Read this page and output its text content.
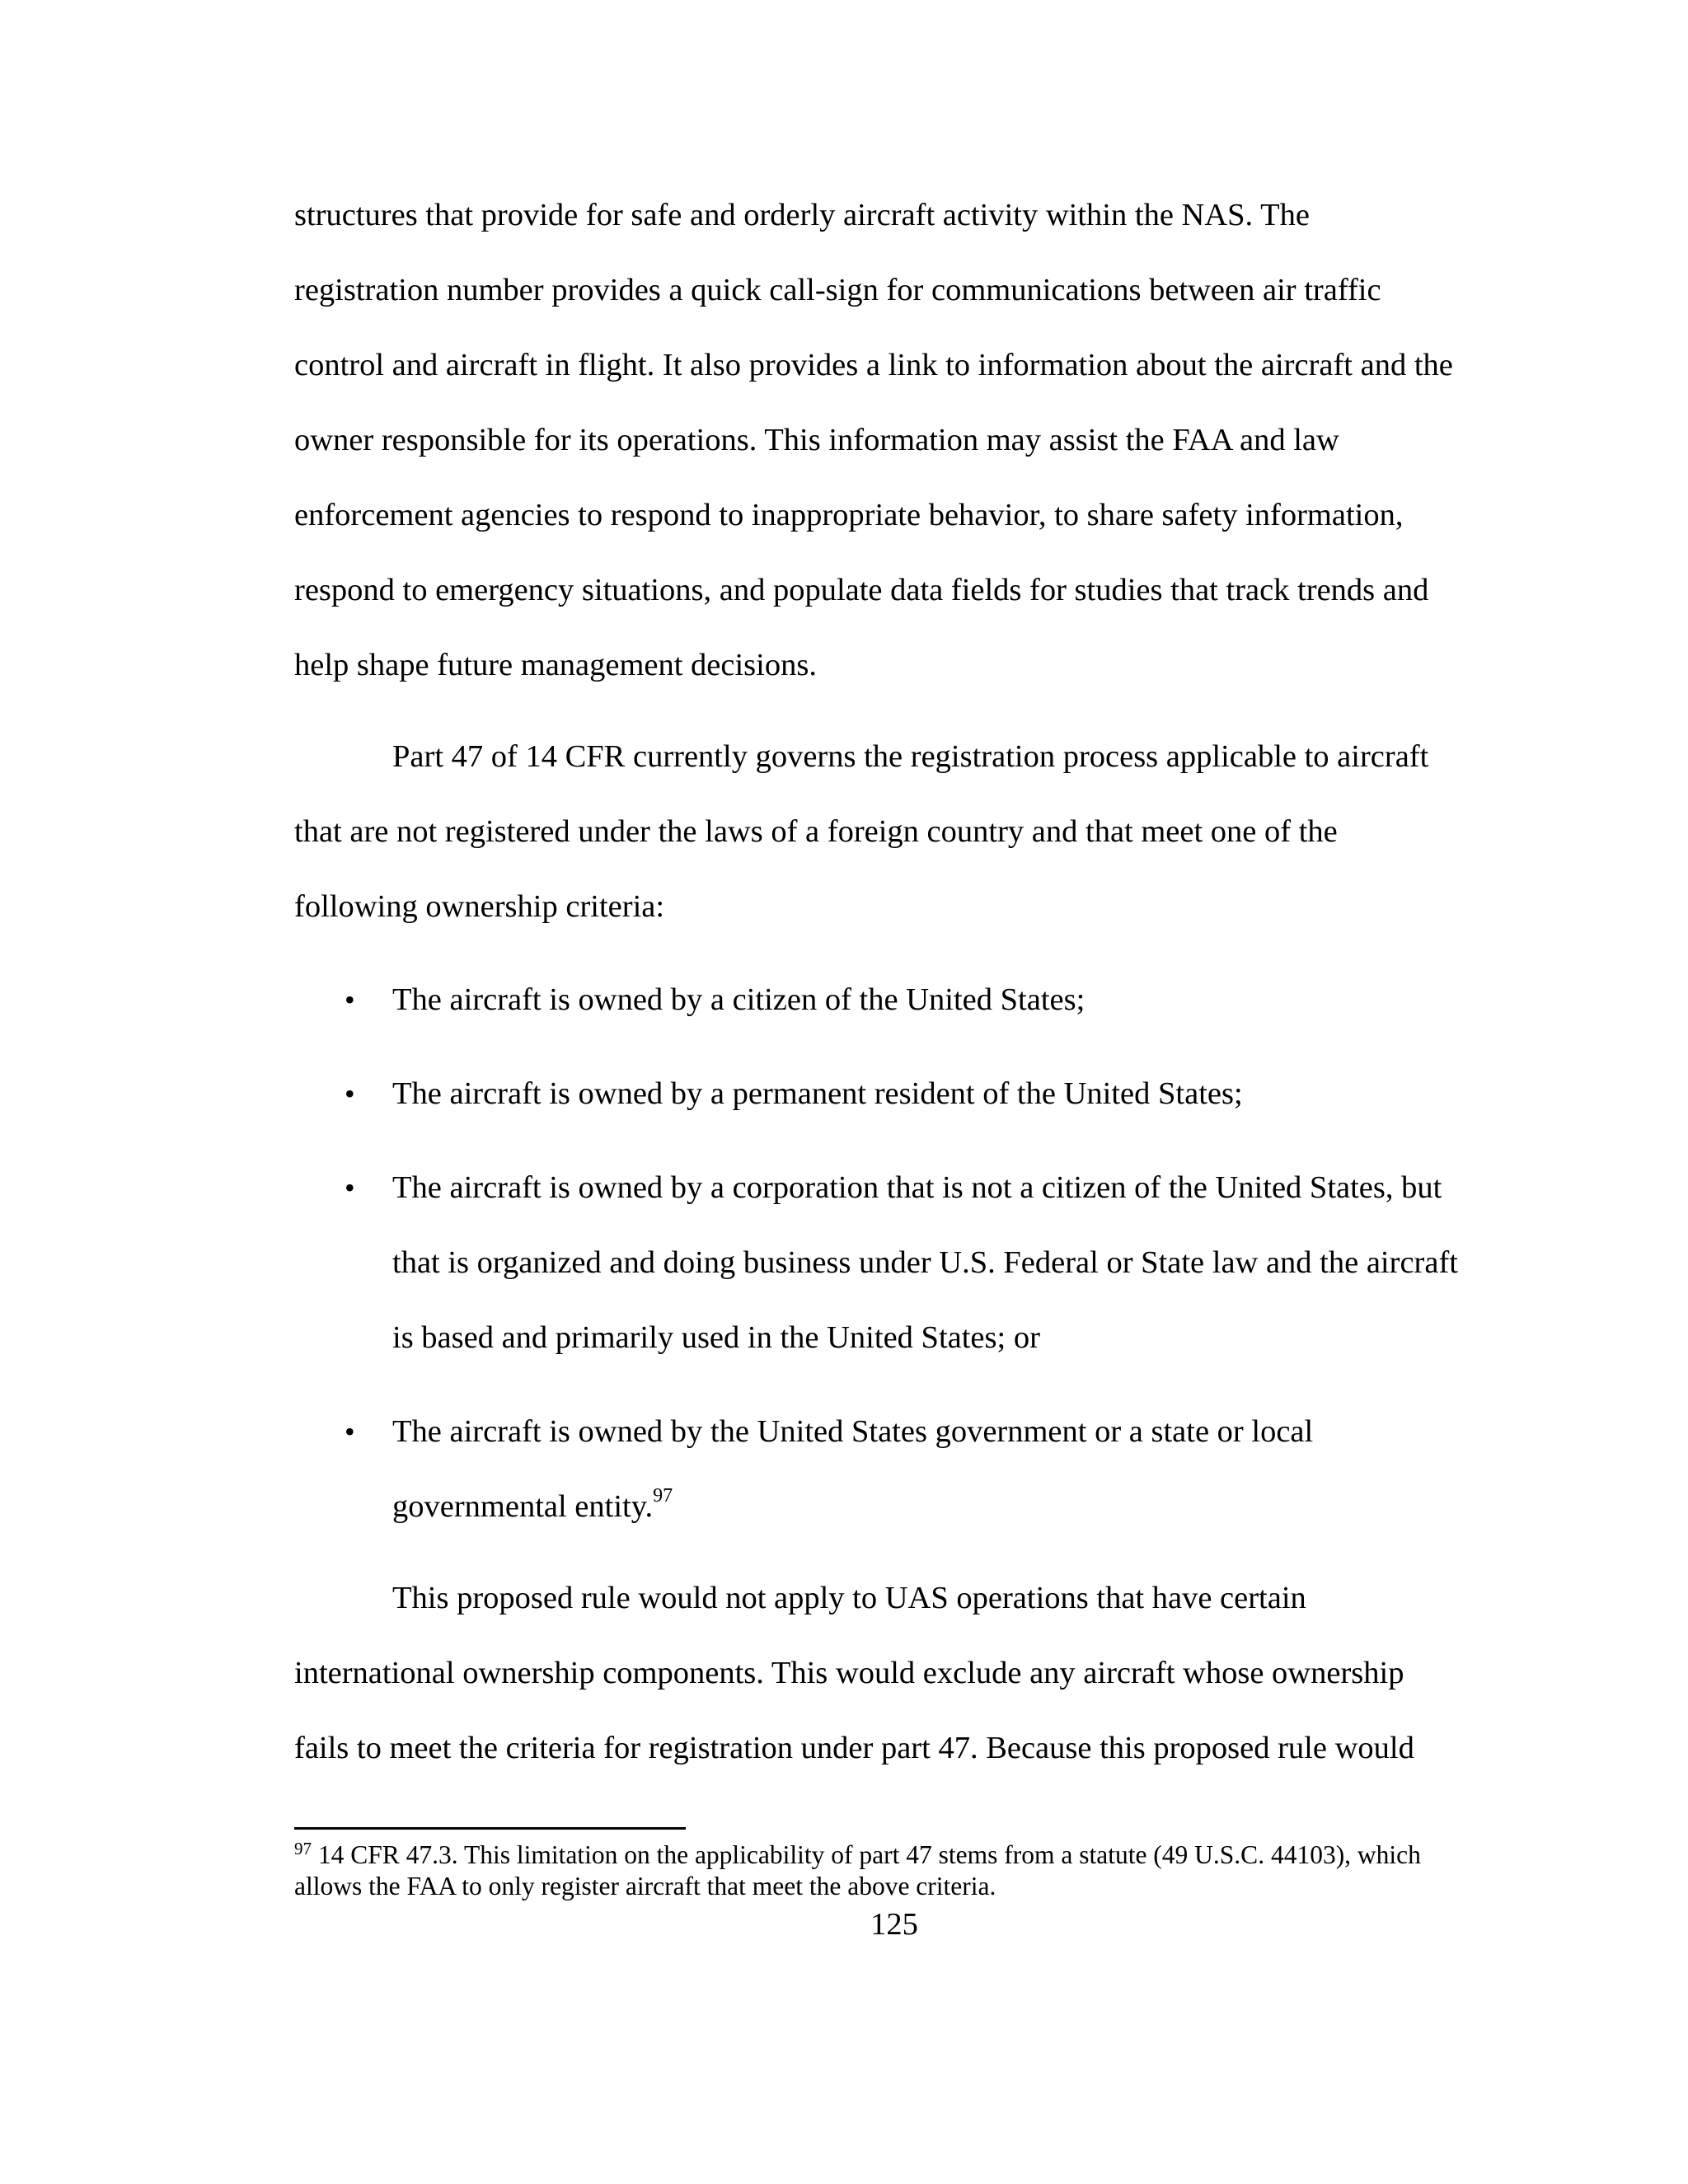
structures that provide for safe and orderly aircraft activity within the NAS. The
registration number provides a quick call-sign for communications between air traffic
control and aircraft in flight. It also provides a link to information about the aircraft and the
owner responsible for its operations. This information may assist the FAA and law
enforcement agencies to respond to inappropriate behavior, to share safety information,
respond to emergency situations, and populate data fields for studies that track trends and
help shape future management decisions.
Part 47 of 14 CFR currently governs the registration process applicable to aircraft
that are not registered under the laws of a foreign country and that meet one of the
following ownership criteria:
• The aircraft is owned by a citizen of the United States;
• The aircraft is owned by a permanent resident of the United States;
• The aircraft is owned by a corporation that is not a citizen of the United States, but
that is organized and doing business under U.S. Federal or State law and the aircraft
is based and primarily used in the United States; or
• The aircraft is owned by the United States government or a state or local
governmental entity.$^{97}$
This proposed rule would not apply to UAS operations that have certain
international ownership components. This would exclude any aircraft whose ownership
fails to meet the criteria for registration under part 47. Because this proposed rule would
$^{97}$ 14 CFR 47.3. This limitation on the applicability of part 47 stems from a statute (49 U.S.C. 44103), which
allows the FAA to only register aircraft that meet the above criteria.
125
